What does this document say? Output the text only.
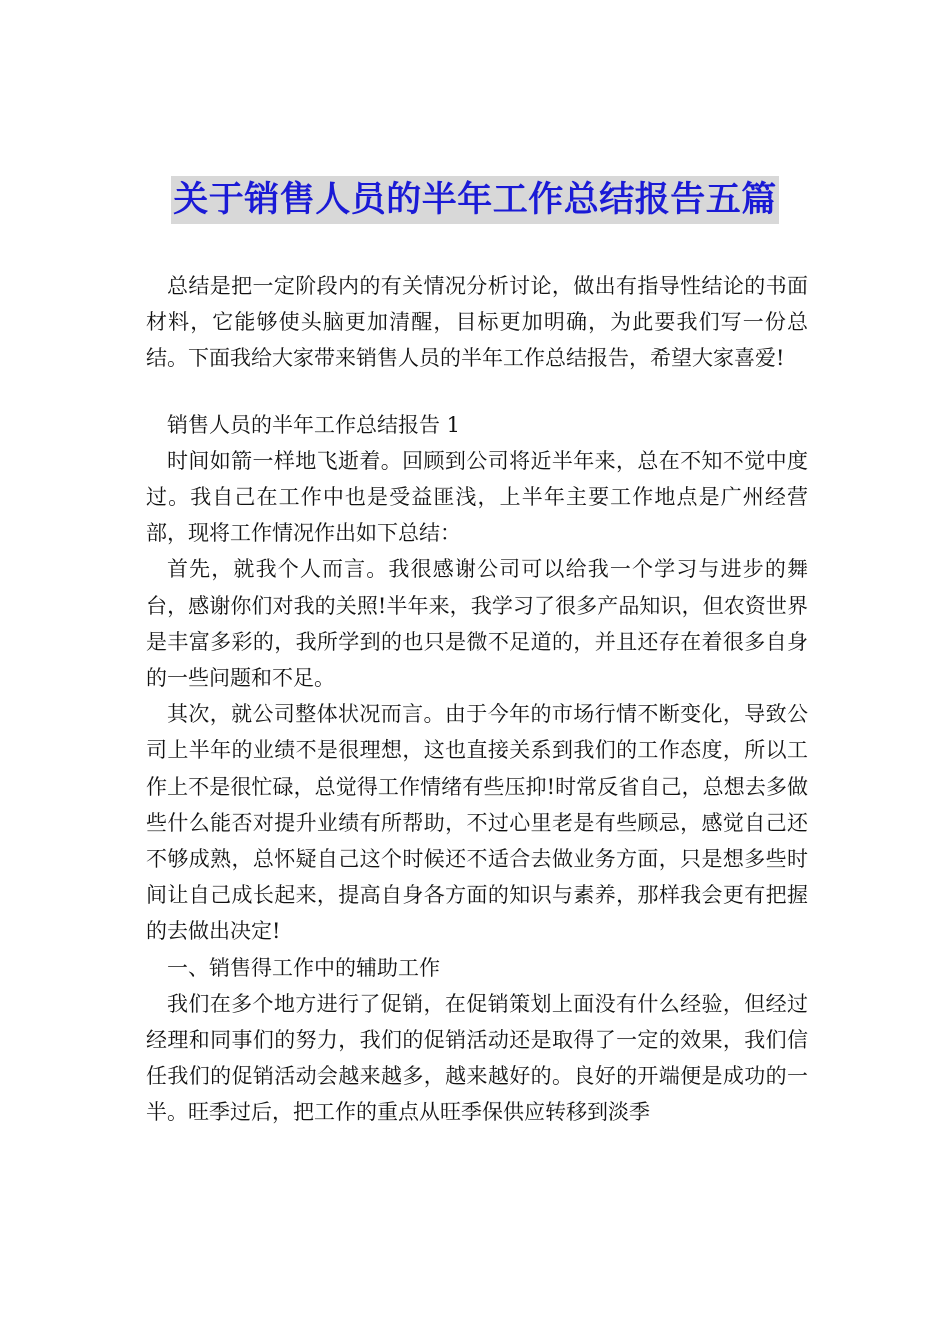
关于销售人员的半年工作总结报告五篇

总结是把一定阶段内的有关情况分析讨论，做出有指导性结论的书面材料，它能够使头脑更加清醒，目标更加明确，为此要我们写一份总结。下面我给大家带来销售人员的半年工作总结报告，希望大家喜爱!

销售人员的半年工作总结报告 1

时间如箭一样地飞逝着。回顾到公司将近半年来，总在不知不觉中度过。我自己在工作中也是受益匪浅，上半年主要工作地点是广州经营部，现将工作情况作出如下总结：

首先，就我个人而言。我很感谢公司可以给我一个学习与进步的舞台，感谢你们对我的关照!半年来，我学习了很多产品知识，但农资世界是丰富多彩的，我所学到的也只是微不足道的，并且还存在着很多自身的一些问题和不足。

其次，就公司整体状况而言。由于今年的市场行情不断变化，导致公司上半年的业绩不是很理想，这也直接关系到我们的工作态度，所以工作上不是很忙碌，总觉得工作情绪有些压抑!时常反省自己，总想去多做些什么能否对提升业绩有所帮助，不过心里老是有些顾忌，感觉自己还不够成熟，总怀疑自己这个时候还不适合去做业务方面，只是想多些时间让自己成长起来，提高自身各方面的知识与素养，那样我会更有把握的去做出决定!

一、销售得工作中的辅助工作

我们在多个地方进行了促销，在促销策划上面没有什么经验，但经过经理和同事们的努力，我们的促销活动还是取得了一定的效果，我们信任我们的促销活动会越来越多，越来越好的。良好的开端便是成功的一半。旺季过后，把工作的重点从旺季保供应转移到淡季
